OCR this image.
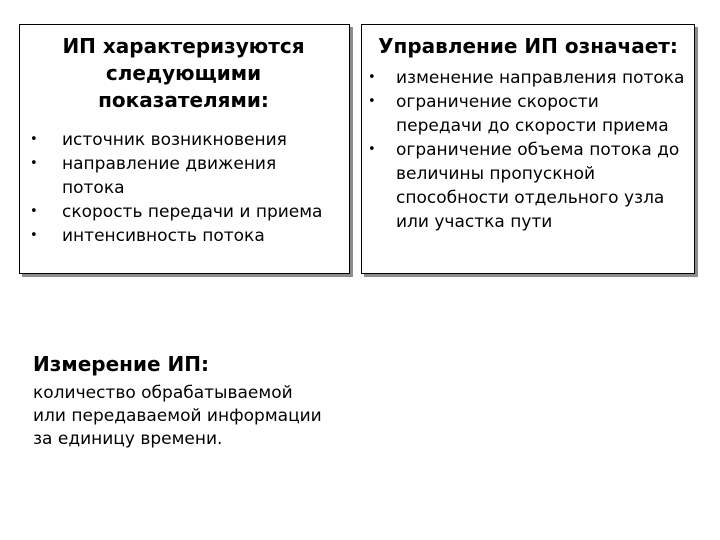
ИП характеризуются следующими показателями:

• источник возникновения
• направление движения потока
• скорость передачи и приема
• интенсивность потока

Управление ИП означает:

• изменение направления потока
• ограничение скорости передачи до скорости приема
• ограничение объема потока до величины пропускной способности отдельного узла или участка пути

Измерение ИП:

количество обрабатываемой
или передаваемой информации
за единицу времени.
